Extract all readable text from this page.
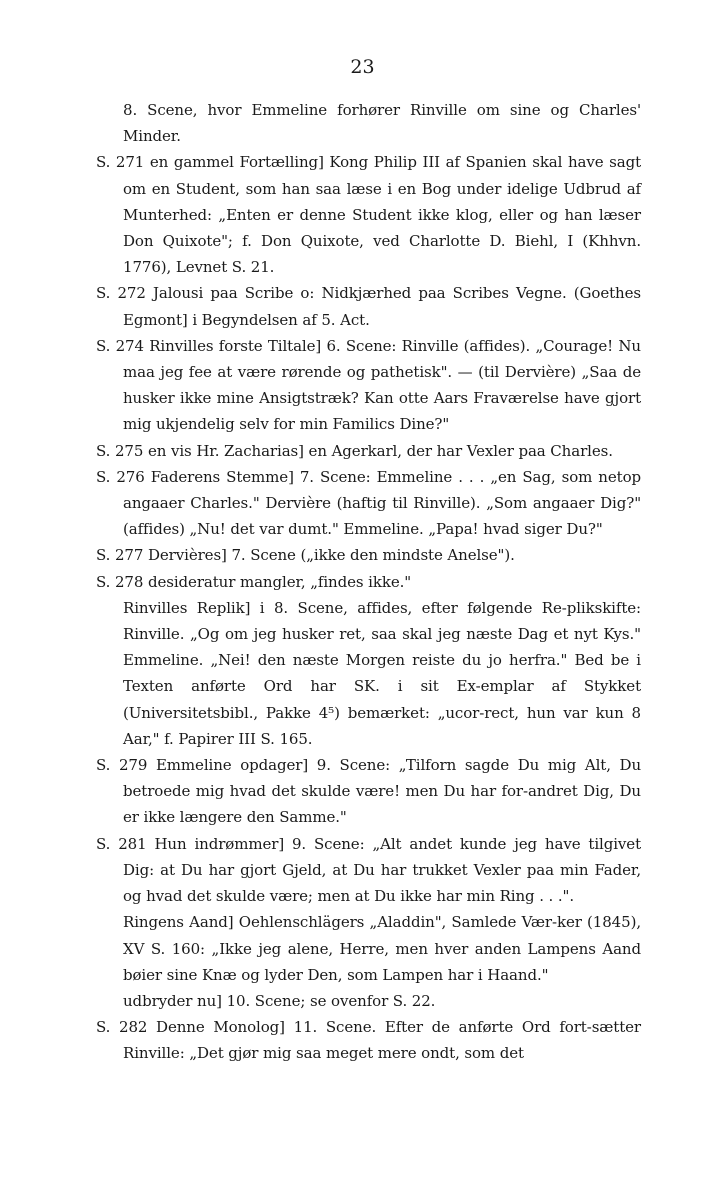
23

8. Scene, hvor Emmeline forhører Rinville om sine og Charles' Minder.

S. 271 en gammel Fortælling] Kong Philip III af Spanien skal have sagt om en Student, som han saa læse i en Bog under idelige Udbrud af Munterhed: „Enten er denne Student ikke klog, eller og han læser Don Quixote"; f. Don Quixote, ved Charlotte D. Biehl, I (Khhvn. 1776), Levnet S. 21.

S. 272 Jalousi paa Scribe o: Nidkjærhed paa Scribes Vegne. (Goethes Egmont] i Begyndelsen af 5. Act.

S. 274 Rinvilles forste Tiltale] 6. Scene: Rinville (affides). „Courage! Nu maa jeg fee at være rørende og pathetisk". — (til Dervière) „Saa de husker ikke mine Ansigtstræk? Kan otte Aars Fraværelse have gjort mig ukjendelig selv for min Familics Dine?"

S. 275 en vis Hr. Zacharias] en Agerkarl, der har Vexler paa Charles.

S. 276 Faderens Stemme] 7. Scene: Emmeline . . . „en Sag, som netop angaaer Charles." Dervière (haftig til Rinville). „Som angaaer Dig?" (affides) „Nu! det var dumt." Emmeline. „Papa! hvad siger Du?"

S. 277 Dervières] 7. Scene („ikke den mindste Anelse").

S. 278 desideratur mangler, „findes ikke."

Rinvilles Replik] i 8. Scene, affides, efter følgende Re-plikskifte: Rinville. „Og om jeg husker ret, saa skal jeg næste Dag et nyt Kys." Emmeline. „Nei! den næste Morgen reiste du jo herfra." Bed be i Texten anførte Ord har SK. i sit Ex-emplar af Stykket (Universitetsbibl., Pakke 4⁵) bemærket: „ucor-rect, hun var kun 8 Aar," f. Papirer III S. 165.

S. 279 Emmeline opdager] 9. Scene: „Tilforn sagde Du mig Alt, Du betroede mig hvad det skulde være! men Du har for-andret Dig, Du er ikke længere den Samme."

S. 281 Hun indrømmer] 9. Scene: „Alt andet kunde jeg have tilgivet Dig: at Du har gjort Gjeld, at Du har trukket Vexler paa min Fader, og hvad det skulde være; men at Du ikke har min Ring . . .".

Ringens Aand] Oehlenschlägers „Aladdin", Samlede Vær-ker (1845), XV S. 160: „Ikke jeg alene, Herre, men hver anden Lampens Aand bøier sine Knæ og lyder Den, som Lampen har i Haand."

udbryder nu] 10. Scene; se ovenfor S. 22.

S. 282 Denne Monolog] 11. Scene. Efter de anførte Ord fort-sætter Rinville: „Det gjør mig saa meget mere ondt, som det
